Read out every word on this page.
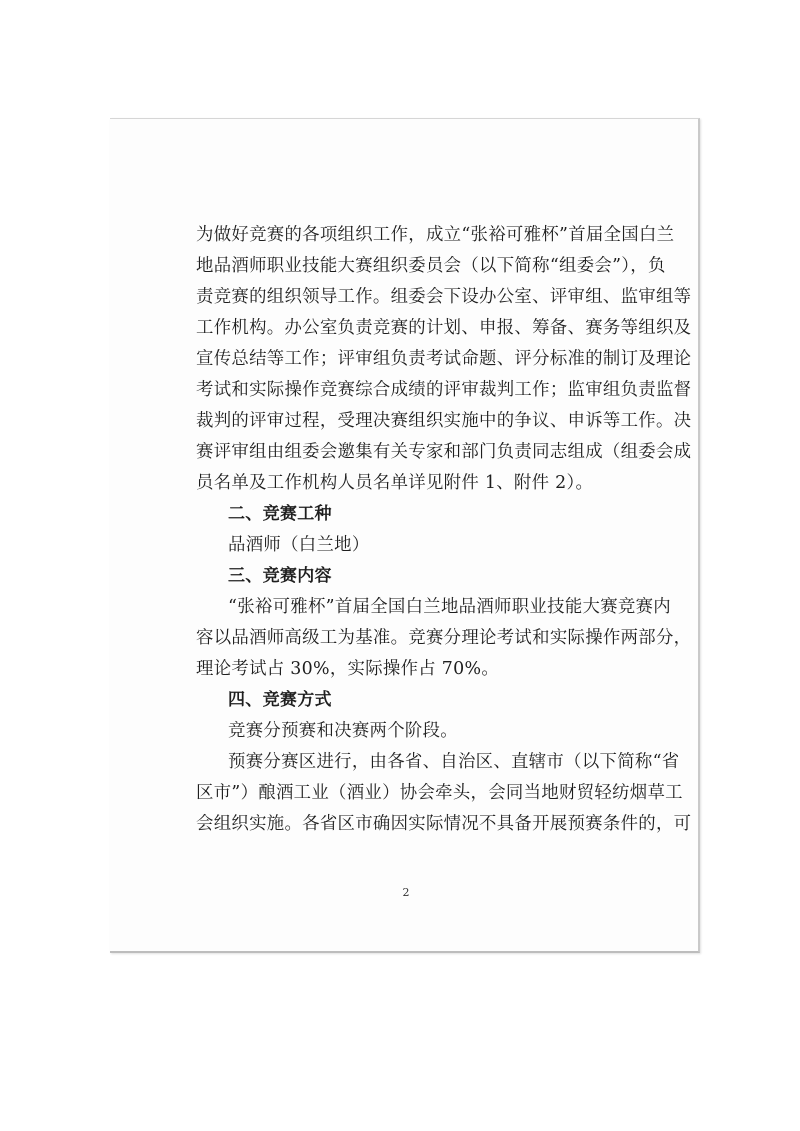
为做好竞赛的各项组织工作，成立“张裕可雅杯”首届全国白兰
地品酒师职业技能大赛组织委员会（以下简称“组委会”），负
责竞赛的组织领导工作。组委会下设办公室、评审组、监审组等
工作机构。办公室负责竞赛的计划、申报、筹备、赛务等组织及
宣传总结等工作；评审组负责考试命题、评分标准的制订及理论
考试和实际操作竞赛综合成绩的评审裁判工作；监审组负责监督
裁判的评审过程，受理决赛组织实施中的争议、申诉等工作。决
赛评审组由组委会邀集有关专家和部门负责同志组成（组委会成
员名单及工作机构人员名单详见附件 1、附件 2）。
二、竞赛工种
品酒师（白兰地）
三、竞赛内容
“张裕可雅杯”首届全国白兰地品酒师职业技能大赛竞赛内
容以品酒师高级工为基准。竞赛分理论考试和实际操作两部分，
理论考试占 30%，实际操作占 70%。
四、竞赛方式
竞赛分预赛和决赛两个阶段。
预赛分赛区进行，由各省、自治区、直辖市（以下简称“省
区市”）酿酒工业（酒业）协会牵头，会同当地财贸轻纺烟草工
会组织实施。各省区市确因实际情况不具备开展预赛条件的，可
2
